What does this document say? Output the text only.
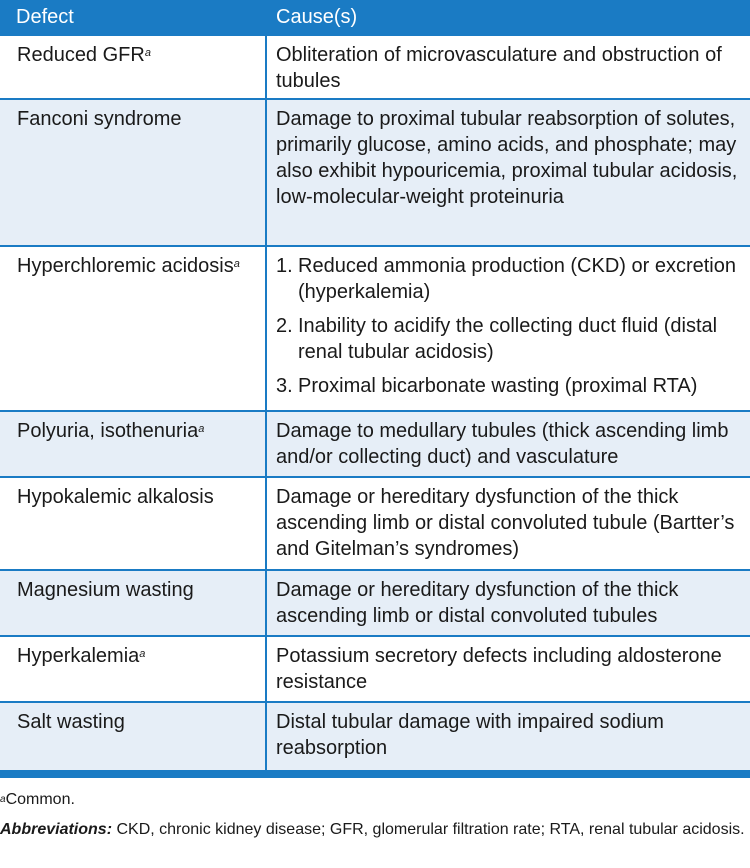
Defect	Cause(s)
Reduced GFR$^a$	Obliteration of microvasculature and obstruction of tubules
Fanconi syndrome	Damage to proximal tubular reabsorption of solutes, primarily glucose, amino acids, and phosphate; may also exhibit hypouricemia, proximal tubular acidosis, low-molecular-weight proteinuria
Hyperchloremic acidosis$^a$	1. Reduced ammonia production (CKD) or excretion (hyperkalemia)
2. Inability to acidify the collecting duct fluid (distal renal tubular acidosis)
3. Proximal bicarbonate wasting (proximal RTA)
Polyuria, isothenuria$^a$	Damage to medullary tubules (thick ascending limb and/or collecting duct) and vasculature
Hypokalemic alkalosis	Damage or hereditary dysfunction of the thick ascending limb or distal convoluted tubule (Bartter’s and Gitelman’s syndromes)
Magnesium wasting	Damage or hereditary dysfunction of the thick ascending limb or distal convoluted tubules
Hyperkalemia$^a$	Potassium secretory defects including aldosterone resistance
Salt wasting	Distal tubular damage with impaired sodium reabsorption
$^a$Common.
Abbreviations: CKD, chronic kidney disease; GFR, glomerular filtration rate; RTA, renal tubular acidosis.
